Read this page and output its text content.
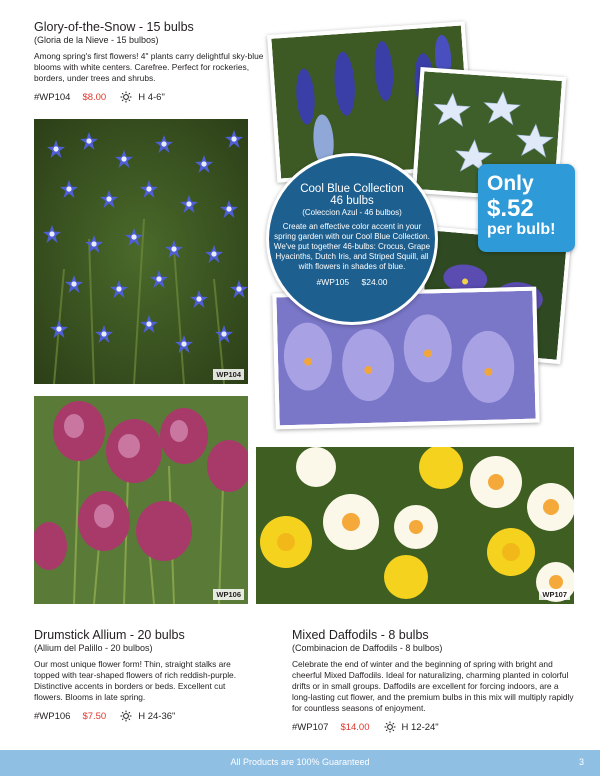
Glory-of-the-Snow - 15 bulbs
(Gloria de la Nieve - 15 bulbos)
Among spring's first flowers! 4" plants carry delightful sky-blue blooms with white centers. Carefree. Perfect for rockeries, borders, under trees and shrubs.
#WP104 $8.00	H 4-6"
WP104
Cool Blue Collection
46 bulbs
(Coleccion Azul - 46 bulbos)
Create an effective color accent in your spring garden with our Cool Blue Collection. We've put together 46-bulbs: Crocus, Grape Hyacinths, Dutch Iris, and Striped Squill, all with flowers in shades of blue.
#WP105 $24.00
Only
$.52
per bulb!
WP106	WP107
Drumstick Allium - 20 bulbs
(Allium del Palillo - 20 bulbos)
Our most unique flower form! Thin, straight stalks are topped with tear-shaped flowers of rich reddish-purple. Distinctive accents in borders or beds. Excellent cut flowers. Blooms in late spring.
#WP106 $7.50	H 24-36"
Mixed Daffodils - 8 bulbs
(Combinacion de Daffodils - 8 bulbos)
Celebrate the end of winter and the beginning of spring with bright and cheerful Mixed Daffodils. Ideal for naturalizing, charming planted in colorful drifts or in small groups. Daffodils are excellent for forcing indoors, are a long-lasting cut flower, and the premium bulbs in this mix will multiply rapidly for countless seasons of enjoyment.
#WP107 $14.00	H 12-24"
All Products are 100% Guaranteed	3
